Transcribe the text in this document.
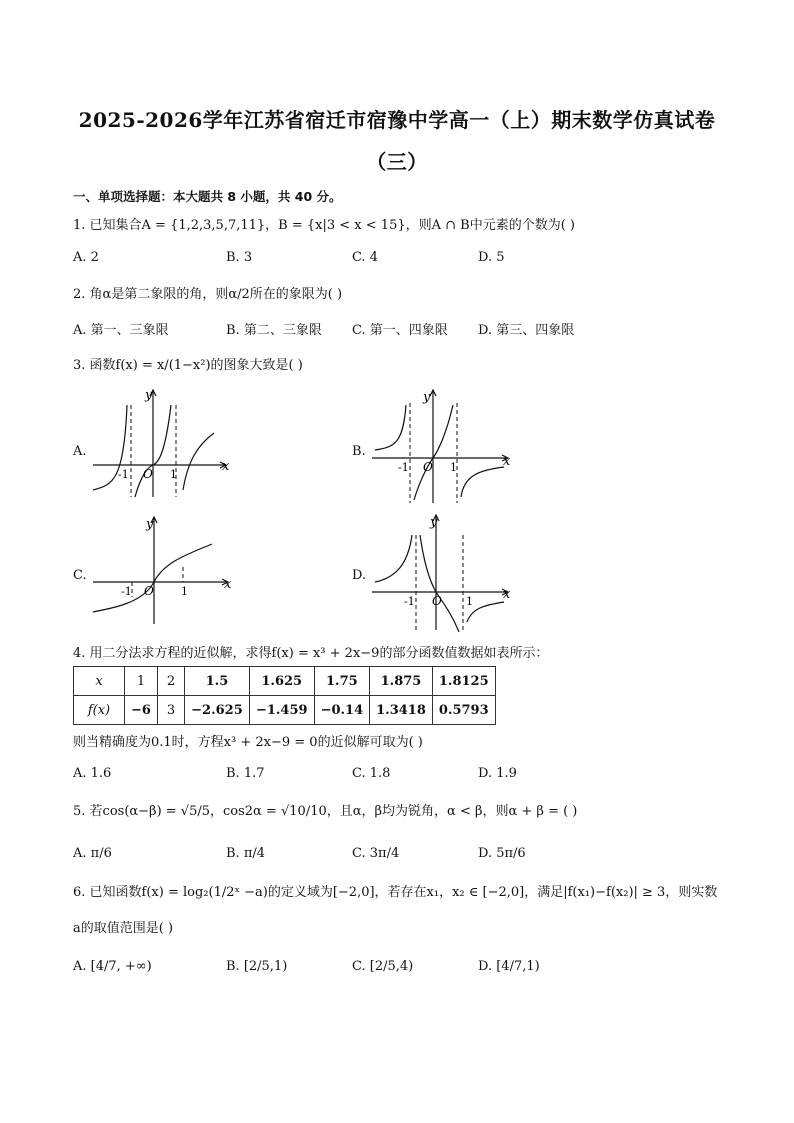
2025-2026学年江苏省宿迁市宿豫中学高一（上）期末数学仿真试卷
（三）
一、单项选择题：本大题共 8 小题，共 40 分。
1. 已知集合A = {1,2,3,5,7,11}，B = {x|3 < x < 15}，则A ∩ B中元素的个数为( )
A. 2	B. 3	C. 4	D. 5
2. 角α是第二象限的角，则α/2所在的象限为( )
A. 第一、三象限	B. 第二、三象限 C. 第一、四象限 D. 第三、四象限
3. 函数f(x) = x/(1−x²)的图象大致是( )
A.	B.
C.	D.
y
x
O
-1	1
y
x
O
-1	1
y
x
O
-1	1
y
x
O
-1	1
4. 用二分法求方程的近似解，求得f(x) = x³ + 2x−9的部分函数值数据如表所示：
x	1	2	1.5	1.625	1.75	1.875	1.8125
f(x)	−6	3	−2.625	−1.459	−0.14	1.3418	0.5793
则当精确度为0.1时，方程x³ + 2x−9 = 0的近似解可取为( )
A. 1.6	B. 1.7	C. 1.8	D. 1.9
5. 若cos(α−β) = √5/5，cos2α = √10/10，且α，β均为锐角，α < β，则α + β = ( )
A. π/6	B. π/4	C. 3π/4	D. 5π/6
6. 已知函数f(x) = log₂(1/2ˣ −a)的定义域为[−2,0]，若存在x₁，x₂ ∈ [−2,0]，满足|f(x₁)−f(x₂)| ≥ 3，则实数
a的取值范围是( )
A. [4/7, +∞)	B. [2/5,1)	C. [2/5,4)	D. [4/7,1)
